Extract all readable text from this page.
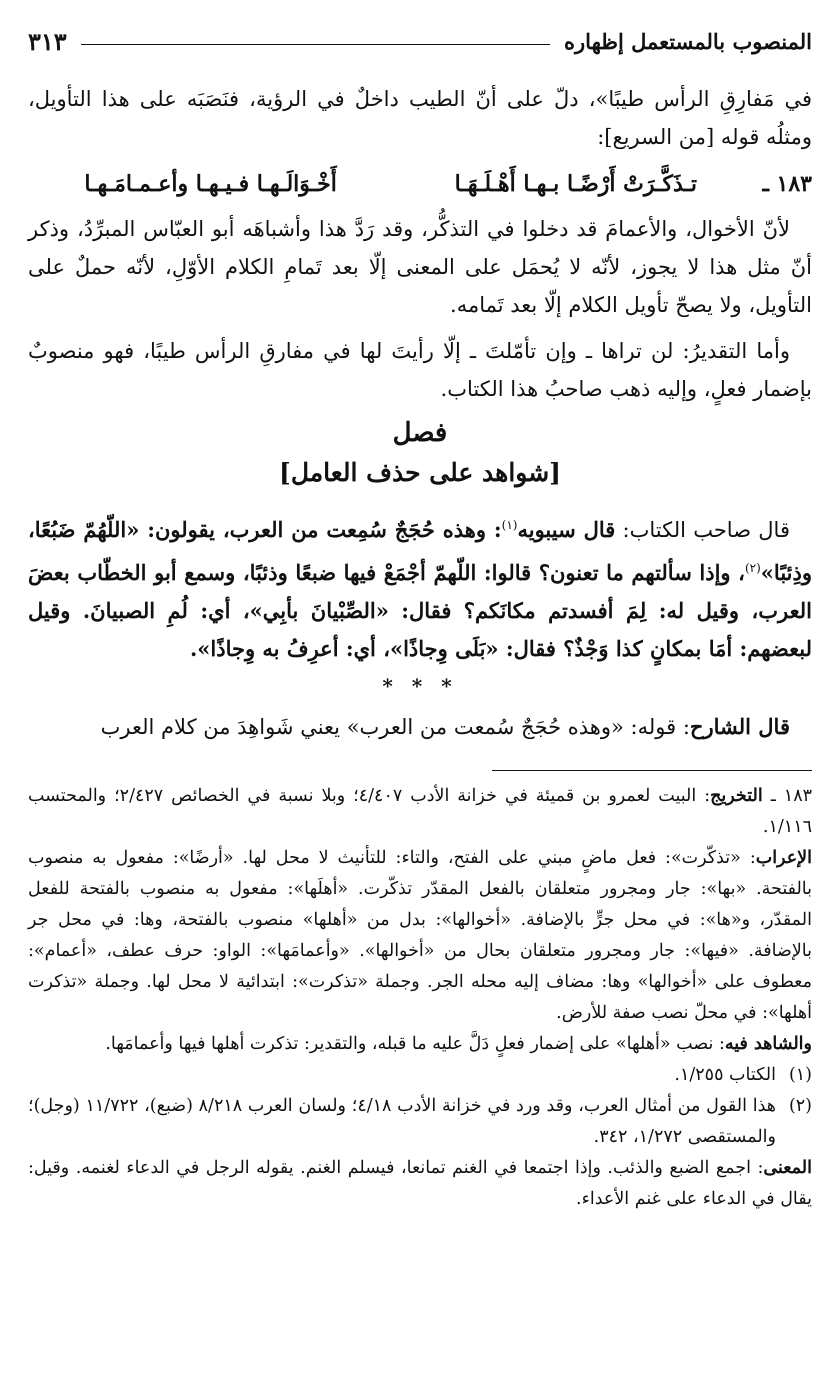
المنصوب بالمستعمل إظهاره
٣١٣

في مَفارِقِ الرأس طيبًا»، دلّ على أنّ الطيب داخلٌ في الرؤية، فنَصَبَه على هذا التأويل، ومثلُه قوله [من السريع]:

١٨٣ ـ
تـذَكَّـرَتْ أَرْضًـا بـهـا أَهْـلَـهَـا
أَخْـوَالَـهـا فـيـهـا وأعـمـامَـهـا

لأنّ الأخوال، والأعمامَ قد دخلوا في التذكُّر، وقد رَدَّ هذا وأشباهَه أبو العبّاس المبرِّدُ، وذكر أنّ مثل هذا لا يجوز، لأنّه لا يُحمَل على المعنى إلّا بعد تَمامِ الكلام الأوّلِ، لأنّه حملٌ على التأويل، ولا يصحّ تأويل الكلام إلّا بعد تَمامه.

وأما التقديرُ: لن تراها ـ وإن تأمّلتَ ـ إلّا رأيتَ لها في مفارقِ الرأس طيبًا، فهو منصوبٌ بإضمار فعلٍ، وإليه ذهب صاحبُ هذا الكتاب.

فصل
[شواهد على حذف العامل]

قال صاحب الكتاب: قال سيبويه$^{(١)}$: وهذه حُجَجٌ سُمِعت من العرب، يقولون: «اللّهُمّ ضَبُعًا، وذِئبًا»$^{(٢)}$، وإذا سألتهم ما تعنون؟ قالوا: اللّهمّ أجْمَعْ فيها ضبعًا وذئبًا، وسمع أبو الخطّاب بعضَ العرب، وقيل له: لِمَ أفسدتم مكانَكم؟ فقال: «الصِّبْيانَ بأبِي»، أي: لُمِ الصبيانَ. وقيل لبعضهم: أمَا بمكانٍ كذا وَجْذٌ؟ فقال: «بَلَى وِجاذًا»، أي: أعرِفُ به وِجاذًا».

* * *

قال الشارح: قوله: «وهذه حُجَجٌ سُمعت من العرب» يعني شَواهِدَ من كلام العرب

١٨٣ ـ التخريج: البيت لعمرو بن قميئة في خزانة الأدب ٤/٤٠٧؛ وبلا نسبة في الخصائص ٢/٤٢٧؛ والمحتسب ١/١١٦.

الإعراب: «تذكّرت»: فعل ماضٍ مبني على الفتح، والتاء: للتأنيث لا محل لها. «أرضًا»: مفعول به منصوب بالفتحة. «بها»: جار ومجرور متعلقان بالفعل المقدّر تذكّرت. «أهلَها»: مفعول به منصوب بالفتحة للفعل المقدّر، و«ها»: في محل جرٍّ بالإضافة. «أخوالها»: بدل من «أهلها» منصوب بالفتحة، وها: في محل جر بالإضافة. «فيها»: جار ومجرور متعلقان بحال من «أخوالها». «وأعمامَها»: الواو: حرف عطف، «أعمام»: معطوف على «أخوالها» وها: مضاف إليه محله الجر. وجملة «تذكرت»: ابتدائية لا محل لها. وجملة «تذكرت أهلها»: في محلّ نصب صفة للأرض.

والشاهد فيه: نصب «أهلها» على إضمار فعلٍ دَلَّ عليه ما قبله، والتقدير: تذكرت أهلها فيها وأعمامَها.

(١)
الكتاب ١/٢٥٥.
(٢)
هذا القول من أمثال العرب، وقد ورد في خزانة الأدب ٤/١٨؛ ولسان العرب ٨/٢١٨ (ضبع)، ١١/٧٢٢ (وجل)؛ والمستقصى ١/٢٧٢، ٣٤٢.

المعنى: اجمع الضبع والذئب. وإذا اجتمعا في الغنم تمانعا، فيسلم الغنم. يقوله الرجل في الدعاء لغنمه. وقيل: يقال في الدعاء على غنم الأعداء.
